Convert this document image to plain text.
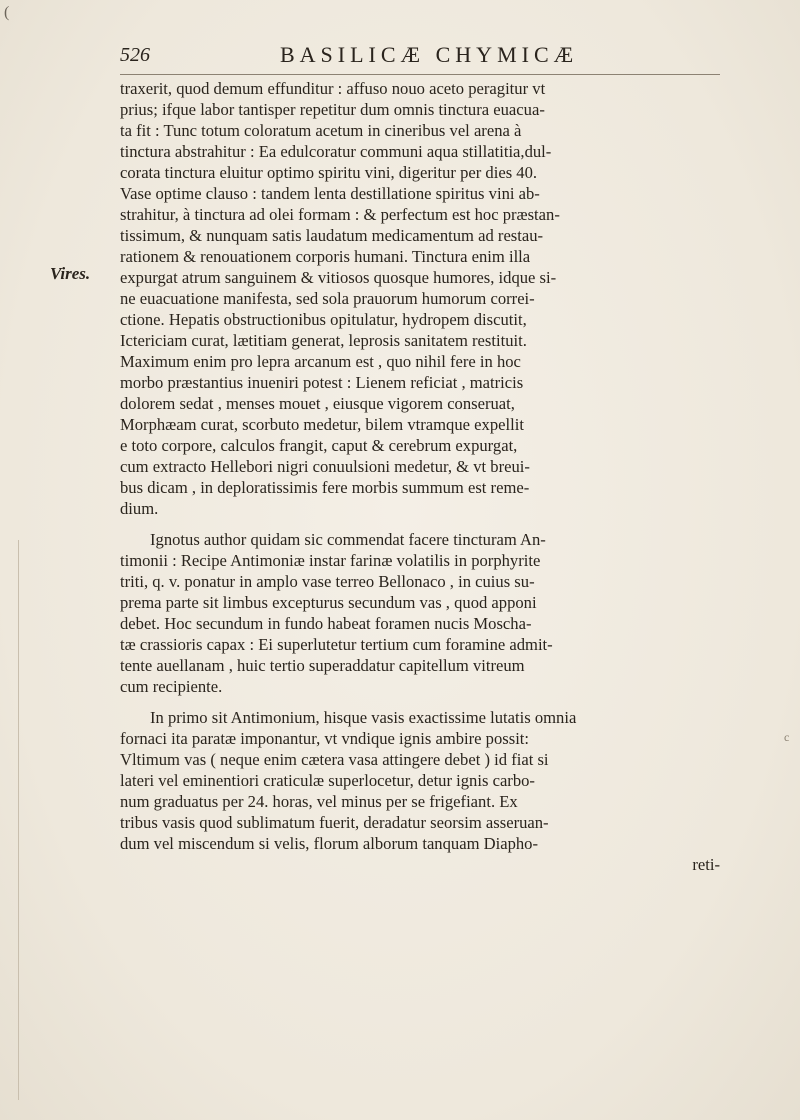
(
c
526	BASILICÆ CHYMICÆ
Vires.
traxerit, quod demum effunditur : affuso nouo aceto peragitur vt
prius; ifque labor tantisper repetitur dum omnis tinctura euacua-
ta fit : Tunc totum coloratum acetum in cineribus vel arena à
tinctura abstrahitur : Ea edulcoratur communi aqua stillatitia,dul-
corata tinctura eluitur optimo spiritu vini, digeritur per dies 40.
Vase optime clauso : tandem lenta destillatione spiritus vini ab-
strahitur, à tinctura ad olei formam : & perfectum est hoc præstan-
tissimum, & nunquam satis laudatum medicamentum ad restau-
rationem & renouationem corporis humani. Tinctura enim illa
expurgat atrum sanguinem & vitiosos quosque humores, idque si-
ne euacuatione manifesta, sed sola prauorum humorum correi-
ctione. Hepatis obstructionibus opitulatur, hydropem discutit,
Ictericiam curat, lætitiam generat, leprosis sanitatem restituit.
Maximum enim pro lepra arcanum est , quo nihil fere in hoc
morbo præstantius inueniri potest : Lienem reficiat , matricis
dolorem sedat , menses mouet , eiusque vigorem conseruat,
Morphæam curat, scorbuto medetur, bilem vtramque expellit
e toto corpore, calculos frangit, caput & cerebrum expurgat,
cum extracto Hellebori nigri conuulsioni medetur, & vt breui-
bus dicam , in deploratissimis fere morbis summum est reme-
dium.
Ignotus author quidam sic commendat facere tincturam An-
timonii : Recipe Antimoniæ instar farinæ volatilis in porphyrite
triti, q. v. ponatur in amplo vase terreo Bellonaco , in cuius su-
prema parte sit limbus excepturus secundum vas , quod apponi
debet. Hoc secundum in fundo habeat foramen nucis Moscha-
tæ crassioris capax : Ei superlutetur tertium cum foramine admit-
tente auellanam , huic tertio superaddatur capitellum vitreum
cum recipiente.
In primo sit Antimonium, hisque vasis exactissime lutatis omnia
fornaci ita paratæ imponantur, vt vndique ignis ambire possit:
Vltimum vas ( neque enim cætera vasa attingere debet ) id fiat si
lateri vel eminentiori craticulæ superlocetur, detur ignis carbo-
num graduatus per 24. horas, vel minus per se frigefiant. Ex
tribus vasis quod sublimatum fuerit, deradatur seorsim asseruan-
dum vel miscendum si velis, florum alborum tanquam Diapho-
reti-
